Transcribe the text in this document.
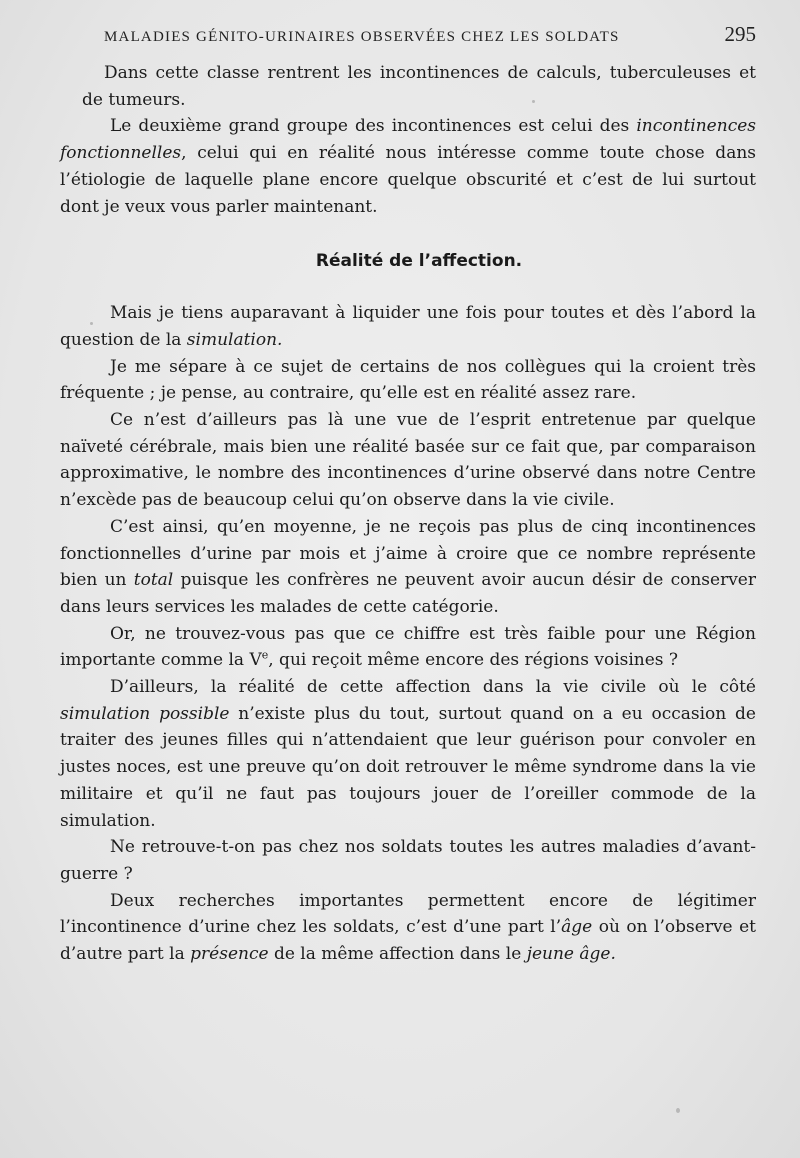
MALADIES GÉNITO-URINAIRES OBSERVÉES CHEZ LES SOLDATS	295

Dans cette classe rentrent les incontinences de calculs, tuberculeuses et de tumeurs.

Le deuxième grand groupe des incontinences est celui des incontinences fonctionnelles, celui qui en réalité nous intéresse comme toute chose dans l’étiologie de laquelle plane encore quelque obscurité et c’est de lui surtout dont je veux vous parler maintenant.

Réalité de l’affection.

Mais je tiens auparavant à liquider une fois pour toutes et dès l’abord la question de la simulation.

Je me sépare à ce sujet de certains de nos collègues qui la croient très fréquente ; je pense, au contraire, qu’elle est en réalité assez rare.

Ce n’est d’ailleurs pas là une vue de l’esprit entretenue par quelque naïveté cérébrale, mais bien une réalité basée sur ce fait que, par comparaison approximative, le nombre des incontinences d’urine observé dans notre Centre n’excède pas de beaucoup celui qu’on observe dans la vie civile.

C’est ainsi, qu’en moyenne, je ne reçois pas plus de cinq incontinences fonctionnelles d’urine par mois et j’aime à croire que ce nombre représente bien un total puisque les confrères ne peuvent avoir aucun désir de conserver dans leurs services les malades de cette catégorie.

Or, ne trouvez-vous pas que ce chiffre est très faible pour une Région importante comme la Ve, qui reçoit même encore des régions voisines ?

D’ailleurs, la réalité de cette affection dans la vie civile où le côté simulation possible n’existe plus du tout, surtout quand on a eu occasion de traiter des jeunes filles qui n’attendaient que leur guérison pour convoler en justes noces, est une preuve qu’on doit retrouver le même syndrome dans la vie militaire et qu’il ne faut pas toujours jouer de l’oreiller commode de la simulation.

Ne retrouve-t-on pas chez nos soldats toutes les autres maladies d’avant-guerre ?

Deux recherches importantes permettent encore de légitimer l’incontinence d’urine chez les soldats, c’est d’une part l’âge où on l’observe et d’autre part la présence de la même affection dans le jeune âge.
